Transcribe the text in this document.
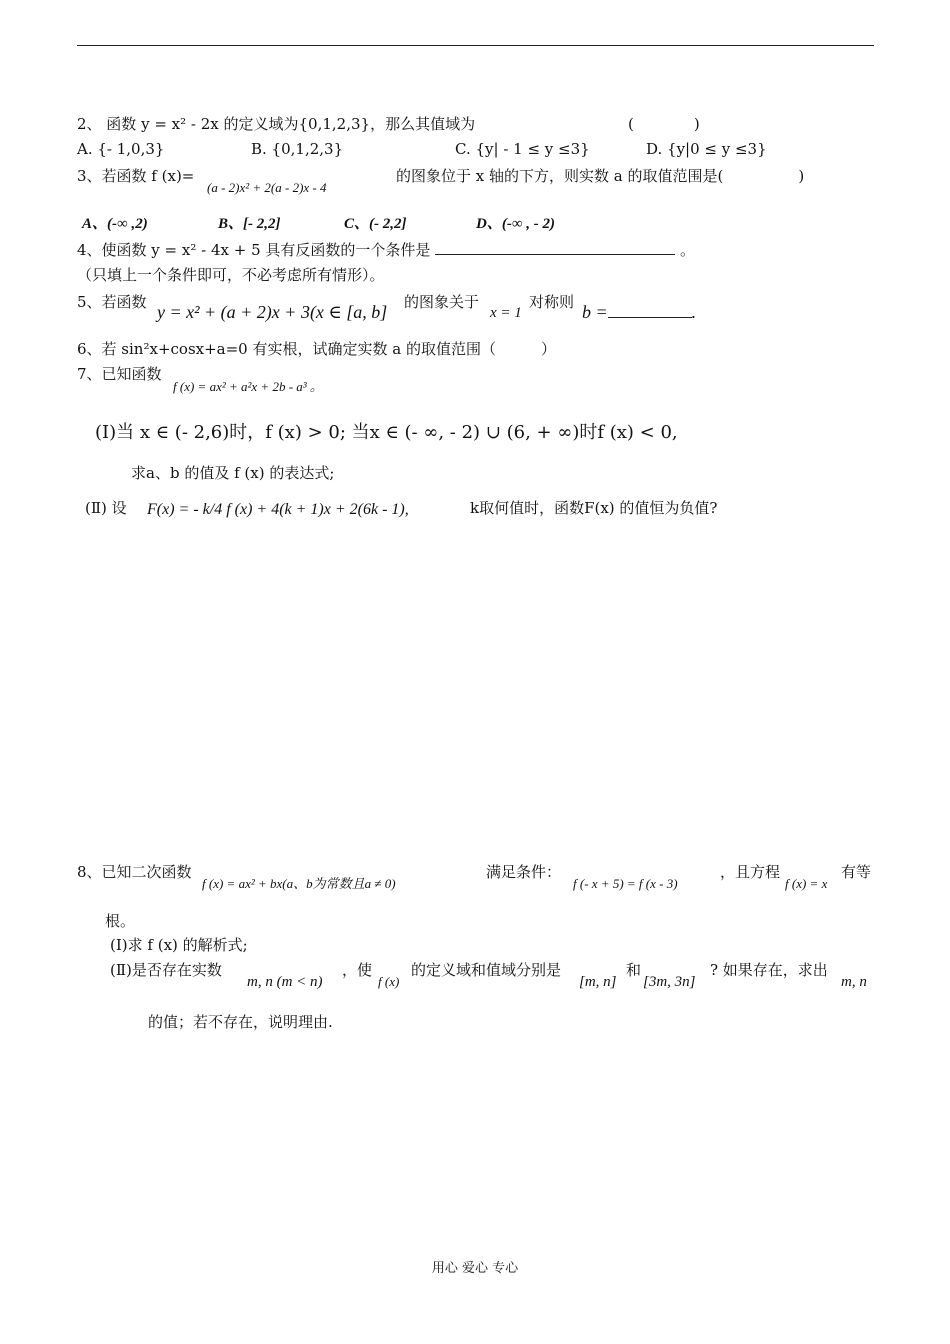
2、 函数 y = x² - 2x 的定义域为{0,1,2,3}，那么其值域为	(　　　　)
A. {- 1,0,3}	B. {0,1,2,3}	C. {y| - 1 ≤ y ≤3}	D. {y|0 ≤ y ≤3}
3、若函数 f (x)=
(a - 2)x² + 2(a - 2)x - 4
的图象位于 x 轴的下方，则实数 a 的取值范围是(　　　　　)
A、(-∞ ,2)	B、[- 2,2]	C、(- 2,2]	D、(-∞ , - 2)
4、使函数 y = x² - 4x + 5 具有反函数的一个条件是	。
（只填上一个条件即可，不必考虑所有情形）。
5、若函数 y = x² + (a + 2)x + 3(x ∈ [a, b] 的图象关于
x = 1
对称则 b =	.
6、若 sin²x+cosx+a=0 有实根，试确定实数 a 的取值范围（　　　）
7、已知函数
f (x) = ax² + a²x + 2b - a³ 。
(Ⅰ)当 x ∈ (- 2,6)时，f (x) > 0; 当x ∈ (- ∞, - 2) ∪ (6, + ∞)时f (x) < 0,
求a、b 的值及 f (x) 的表达式;
(Ⅱ) 设 F(x) = - k/4 f (x) + 4(k + 1)x + 2(6k - 1),	k取何值时，函数F(x) 的值恒为负值?
8、已知二次函数
f (x) = ax² + bx(a、b为常数且a ≠ 0)
满足条件：
f (- x + 5) = f (x - 3)
，且方程
f (x) = x
有等
根。
(Ⅰ)求 f (x) 的解析式;
(Ⅱ)是否存在实数
m, n (m < n)
，使
f (x)
的定义域和值域分别是
[m, n]
和
[3m, 3n]
? 如果存在，求出
m, n
的值；若不存在，说明理由.
用心 爱心 专心
